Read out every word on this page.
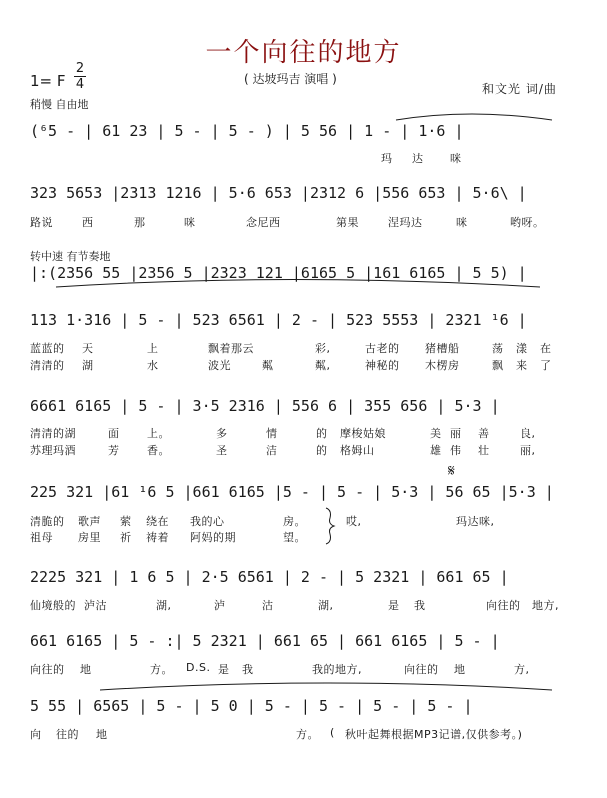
一个向往的地方
1= F
2
4	( 达坡玛吉 演唱 )
和文光 词/曲
稍慢 自由地
转中速 有节奏地
(⁶5 - | 61 23 | 5 - | 5 - ) | 5 56 | 1 - | 1·6 |
玛 达 咪
323 5653 |2313 1216 | 5·6 653 |2312 6 |556 653 | 5·6\ |
路说	西	那	咪	念尼西	第果	涅玛达	咪	哟呀。
|:(2356 55 |2356 5 |2323 121 |6165 5 |161 6165 | 5 5) |
113 1·316 | 5 - | 523 6561 | 2 - | 523 5553 | 2321 ¹6 |
蓝蓝的 天	上	飘着那云	彩,	古老的 猪槽船	荡 漾 在
清清的 湖	水	波光	粼	粼,	神秘的 木楞房	飘 来 了
6661 6165 | 5 - | 3·5 2316 | 556 6 | 355 656 | 5·3 |
清清的湖	面	上。	多	情	的 摩梭姑娘	美 丽 善	良,
苏理玛酒	芳	香。	圣	洁	的 格姆山	雄 伟 壮	丽,
225 321 |61 ¹6 5 |661 6165 |5 - | 5 - | 5·3 | 56 65 |5·3 |
清脆的 歌声 萦 绕在 我的心	房。	哎,	玛达咪,
祖母 房里 祈 祷着 阿妈的期	望。
2225 321 | 1 6 5 | 2·5 6561 | 2 - | 5 2321 | 661 65 |
仙境般的 泸沽	湖,	泸	沽	湖,	是 我	向往的 地方,
661 6165 | 5 - :| 5 2321 | 661 65 | 661 6165 | 5 - |
向往的 地	方。 D.S. 是 我	我的地方,	向往的 地	方,
5 55 | 6565 | 5 - | 5 0 | 5 - | 5 - | 5 - | 5 - |
向 往的 地	方。 ( 秋叶起舞根据MP3记谱,仅供参考。)
𝄋
